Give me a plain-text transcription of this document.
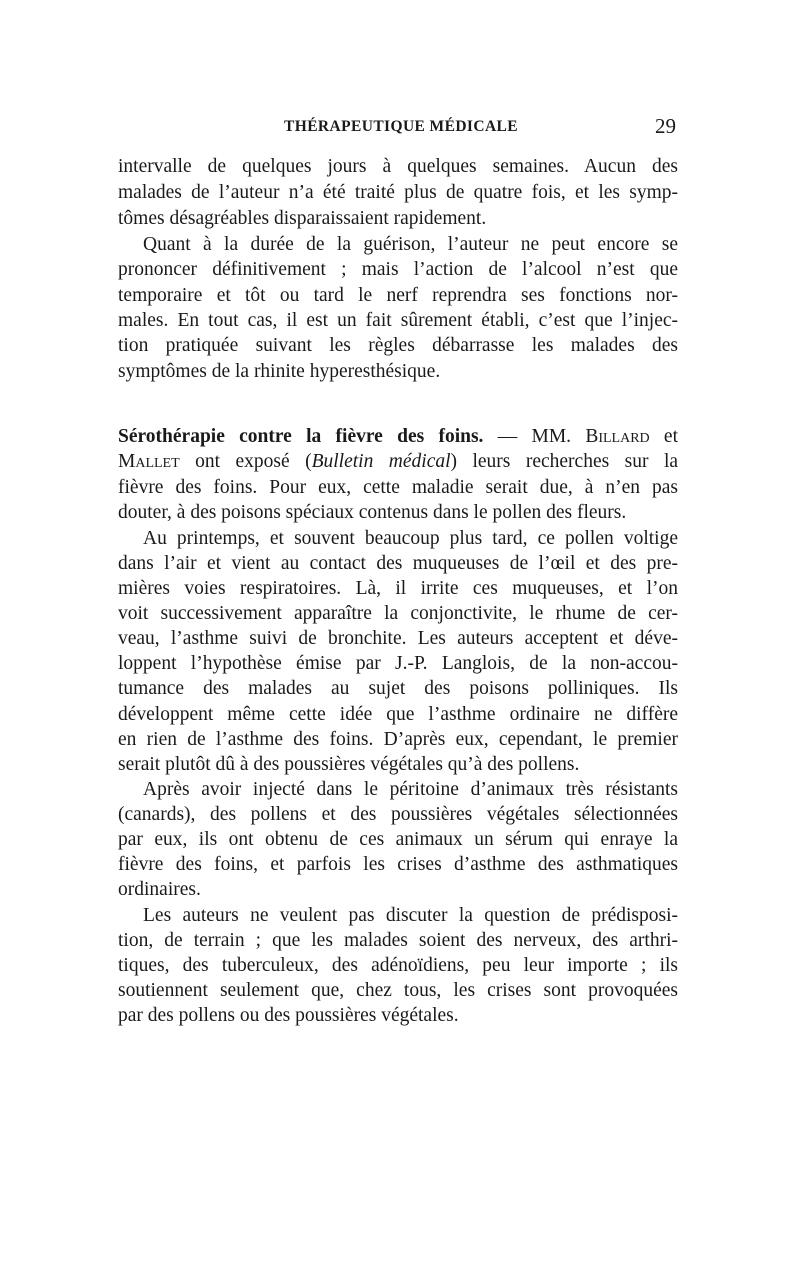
THÉRAPEUTIQUE MÉDICALE	29
intervalle de quelques jours à quelques semaines. Aucun des
malades de l’auteur n’a été traité plus de quatre fois, et les symp-
tômes désagréables disparaissaient rapidement.
Quant à la durée de la guérison, l’auteur ne peut encore se
prononcer définitivement ; mais l’action de l’alcool n’est que
temporaire et tôt ou tard le nerf reprendra ses fonctions nor-
males. En tout cas, il est un fait sûrement établi, c’est que l’injec-
tion pratiquée suivant les règles débarrasse les malades des
symptômes de la rhinite hyperesthésique.
Sérothérapie contre la fièvre des foins. — MM. Billard et
Mallet ont exposé (Bulletin médical) leurs recherches sur la
fièvre des foins. Pour eux, cette maladie serait due, à n’en pas
douter, à des poisons spéciaux contenus dans le pollen des fleurs.
Au printemps, et souvent beaucoup plus tard, ce pollen voltige
dans l’air et vient au contact des muqueuses de l’œil et des pre-
mières voies respiratoires. Là, il irrite ces muqueuses, et l’on
voit successivement apparaître la conjonctivite, le rhume de cer-
veau, l’asthme suivi de bronchite. Les auteurs acceptent et déve-
loppent l’hypothèse émise par J.-P. Langlois, de la non-accou-
tumance des malades au sujet des poisons polliniques. Ils
développent même cette idée que l’asthme ordinaire ne diffère
en rien de l’asthme des foins. D’après eux, cependant, le premier
serait plutôt dû à des poussières végétales qu’à des pollens.
Après avoir injecté dans le péritoine d’animaux très résistants
(canards), des pollens et des poussières végétales sélectionnées
par eux, ils ont obtenu de ces animaux un sérum qui enraye la
fièvre des foins, et parfois les crises d’asthme des asthmatiques
ordinaires.
Les auteurs ne veulent pas discuter la question de prédisposi-
tion, de terrain ; que les malades soient des nerveux, des arthri-
tiques, des tuberculeux, des adénoïdiens, peu leur importe ; ils
soutiennent seulement que, chez tous, les crises sont provoquées
par des pollens ou des poussières végétales.
